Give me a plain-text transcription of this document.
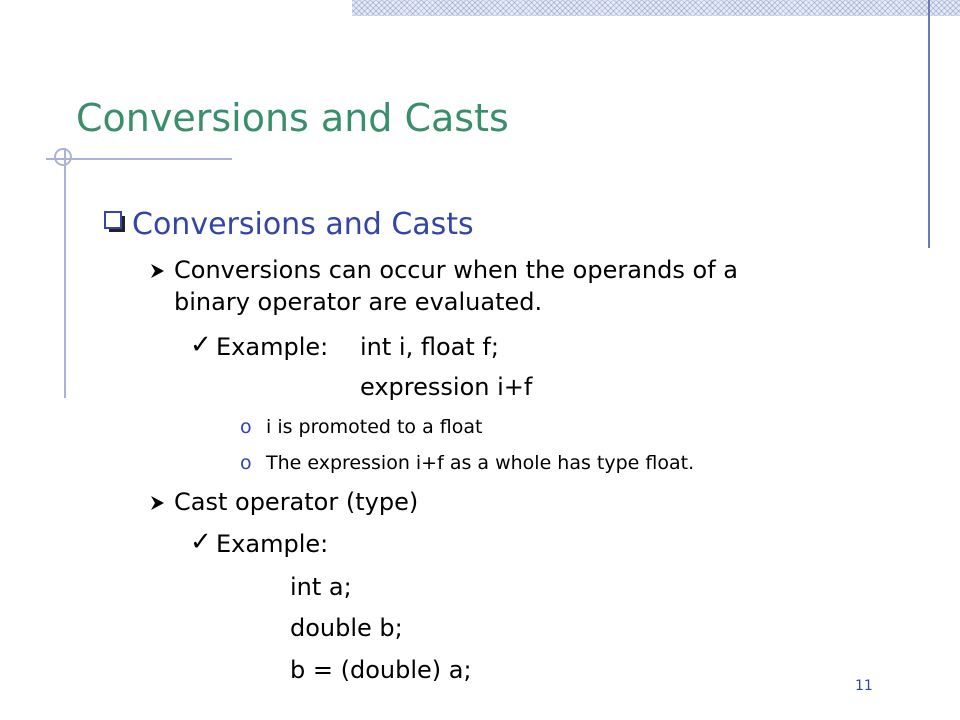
Conversions and Casts
Conversions and Casts
Conversions can occur when the operands of a
binary operator are evaluated.
✓ Example: int i, float f;
expression i+f
o i is promoted to a float
o The expression i+f as a whole has type float.
Cast operator (type)
✓ Example:
int a;
double b;
b = (double) a;
11
